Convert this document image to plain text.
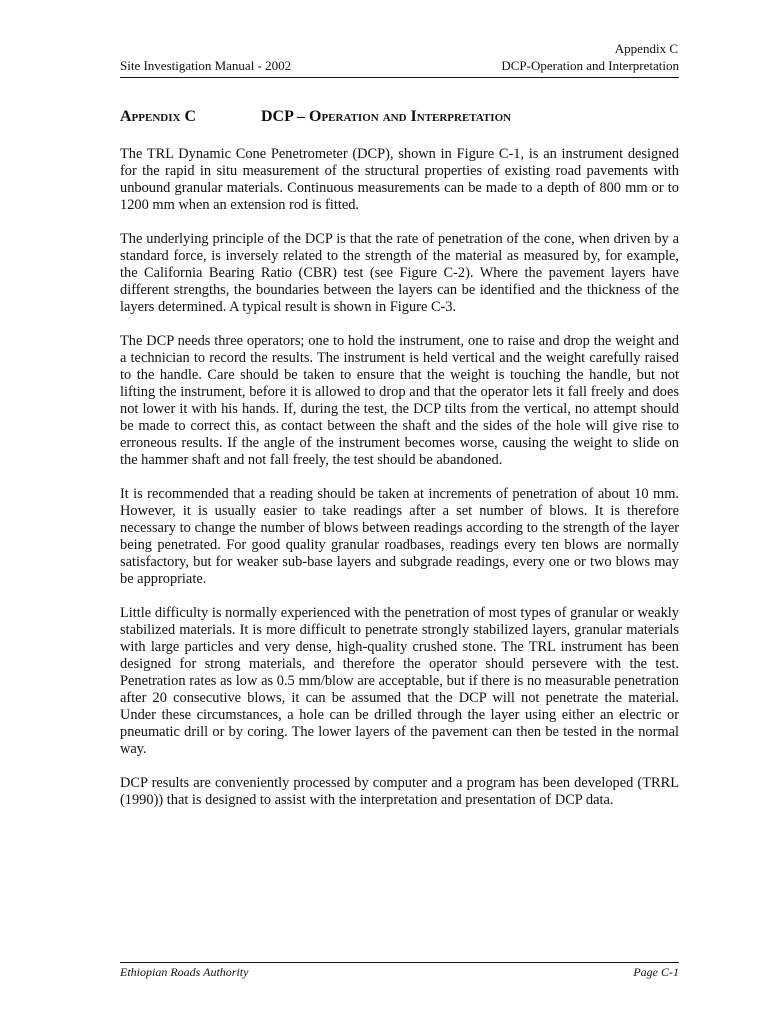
Appendix C
Site Investigation Manual - 2002	DCP-Operation and Interpretation
Appendix C	DCP – Operation and Interpretation

The TRL Dynamic Cone Penetrometer (DCP), shown in Figure C-1, is an instrument designed for the rapid in situ measurement of the structural properties of existing road pavements with unbound granular materials. Continuous measurements can be made to a depth of 800 mm or to 1200 mm when an extension rod is fitted.

The underlying principle of the DCP is that the rate of penetration of the cone, when driven by a standard force, is inversely related to the strength of the material as measured by, for example, the California Bearing Ratio (CBR) test (see Figure C-2). Where the pavement layers have different strengths, the boundaries between the layers can be identified and the thickness of the layers determined. A typical result is shown in Figure C-3.

The DCP needs three operators; one to hold the instrument, one to raise and drop the weight and a technician to record the results. The instrument is held vertical and the weight carefully raised to the handle. Care should be taken to ensure that the weight is touching the handle, but not lifting the instrument, before it is allowed to drop and that the operator lets it fall freely and does not lower it with his hands. If, during the test, the DCP tilts from the vertical, no attempt should be made to correct this, as contact between the shaft and the sides of the hole will give rise to erroneous results. If the angle of the instrument becomes worse, causing the weight to slide on the hammer shaft and not fall freely, the test should be abandoned.

It is recommended that a reading should be taken at increments of penetration of about 10 mm. However, it is usually easier to take readings after a set number of blows. It is therefore necessary to change the number of blows between readings according to the strength of the layer being penetrated. For good quality granular roadbases, readings every ten blows are normally satisfactory, but for weaker sub-base layers and subgrade readings, every one or two blows may be appropriate.

Little difficulty is normally experienced with the penetration of most types of granular or weakly stabilized materials. It is more difficult to penetrate strongly stabilized layers, granular materials with large particles and very dense, high-quality crushed stone. The TRL instrument has been designed for strong materials, and therefore the operator should persevere with the test. Penetration rates as low as 0.5 mm/blow are acceptable, but if there is no measurable penetration after 20 consecutive blows, it can be assumed that the DCP will not penetrate the material. Under these circumstances, a hole can be drilled through the layer using either an electric or pneumatic drill or by coring. The lower layers of the pavement can then be tested in the normal way.

DCP results are conveniently processed by computer and a program has been developed (TRRL (1990)) that is designed to assist with the interpretation and presentation of DCP data.

Ethiopian Roads Authority	Page C-1
